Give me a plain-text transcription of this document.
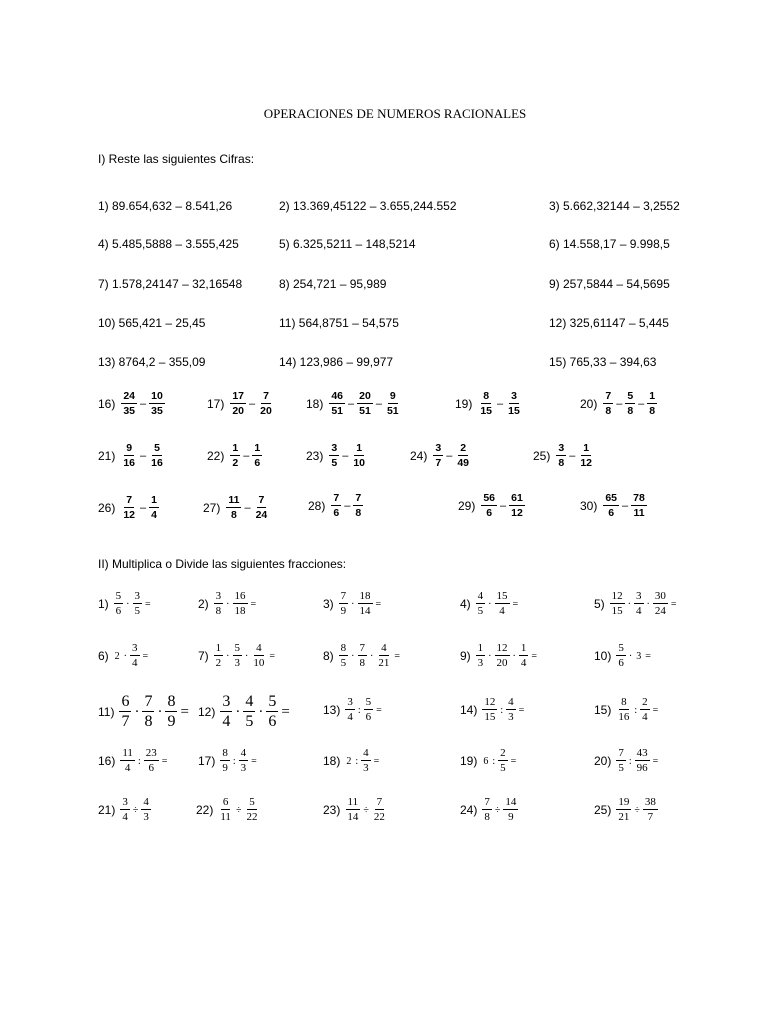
OPERACIONES DE NUMEROS RACIONALES
I) Reste las siguientes Cifras:
1) 89.654,632 – 8.541,26	2) 13.369,45122 – 3.655,244.552	3) 5.662,32144 – 3,2552
4) 5.485,5888 – 3.555,425	5) 6.325,5211 – 148,5214	6) 14.558,17 – 9.998,5
7) 1.578,24147 – 32,16548	8) 254,721 – 95,989	9) 257,5844 – 54,5695
10) 565,421 – 25,45	11) 564,8751 – 54,575	12) 325,61147 – 5,445
13) 8764,2 – 355,09	14) 123,986 – 99,977	15) 765,33 – 394,63
$16) \frac{24}{35} - \frac{10}{35}$	$17) \frac{17}{20} - \frac{7}{20}$	$18) \frac{46}{51} - \frac{20}{51} - \frac{9}{51}$	$19) \frac{8}{15} - \frac{3}{15}$	$20) \frac{7}{8} - \frac{5}{8} - \frac{1}{8}$
$21) \frac{9}{16} - \frac{5}{16}$	$22) \frac{1}{2} - \frac{1}{6}$	$23) \frac{3}{5} - \frac{1}{10}$	$24) \frac{3}{7} - \frac{2}{49}$	$25) \frac{3}{8} - \frac{1}{12}$
$26) \frac{7}{12} - \frac{1}{4}$	$27) \frac{11}{8} - \frac{7}{24}$	$28) \frac{7}{6} - \frac{7}{8}$	$29) \frac{56}{6} - \frac{61}{12}$	$30) \frac{65}{6} - \frac{78}{11}$
II) Multiplica o Divide las siguientes fracciones:
$1) \frac{5}{6} \cdot \frac{3}{5}$ =	$2) \frac{3}{8} \cdot \frac{16}{18}$ =	$3) \frac{7}{9} \cdot \frac{18}{14}$ =	$4) \frac{4}{5} \cdot \frac{15}{4}$ =	$5) \frac{12}{15} \cdot \frac{3}{4} \cdot \frac{30}{24}$ =
6) $2 \cdot \frac{3}{4}$ =	$7) \frac{1}{2} \cdot \frac{5}{3} \cdot \frac{4}{10}$ =	$8) \frac{8}{5} \cdot \frac{7}{8} \cdot \frac{4}{21}$ =	$9) \frac{1}{3} \cdot \frac{12}{20} \cdot \frac{1}{4}$ =	$10) \frac{5}{6} \cdot 3$ =
$11) \frac{6}{7} \cdot \frac{7}{8} \cdot \frac{8}{9} = 12) \frac{3}{4} \cdot \frac{4}{5} \cdot \frac{5}{6}$ =	$13) \frac{3}{4}$ : $\frac{5}{6}$ =	$14) \frac{12}{15}$ : $\frac{4}{3}$ =	$15) \frac{8}{16}$ : $\frac{2}{4}$ =
$16) \frac{11}{4}$ : $\frac{23}{6}$ =	$17) \frac{8}{9}$ : $\frac{4}{3}$ =	18) 2 : $\frac{4}{3}$ =	19) 6 : $\frac{2}{5}$ =	$20) \frac{7}{5}$ : $\frac{43}{96}$ =
$21) \frac{3}{4} \div \frac{4}{3}$	$22) \frac{6}{11} \div \frac{5}{22}$	$23) \frac{11}{14} \div \frac{7}{22}$	$24) \frac{7}{8} \div \frac{14}{9}$	$25) \frac{19}{21} \div \frac{38}{7}$
